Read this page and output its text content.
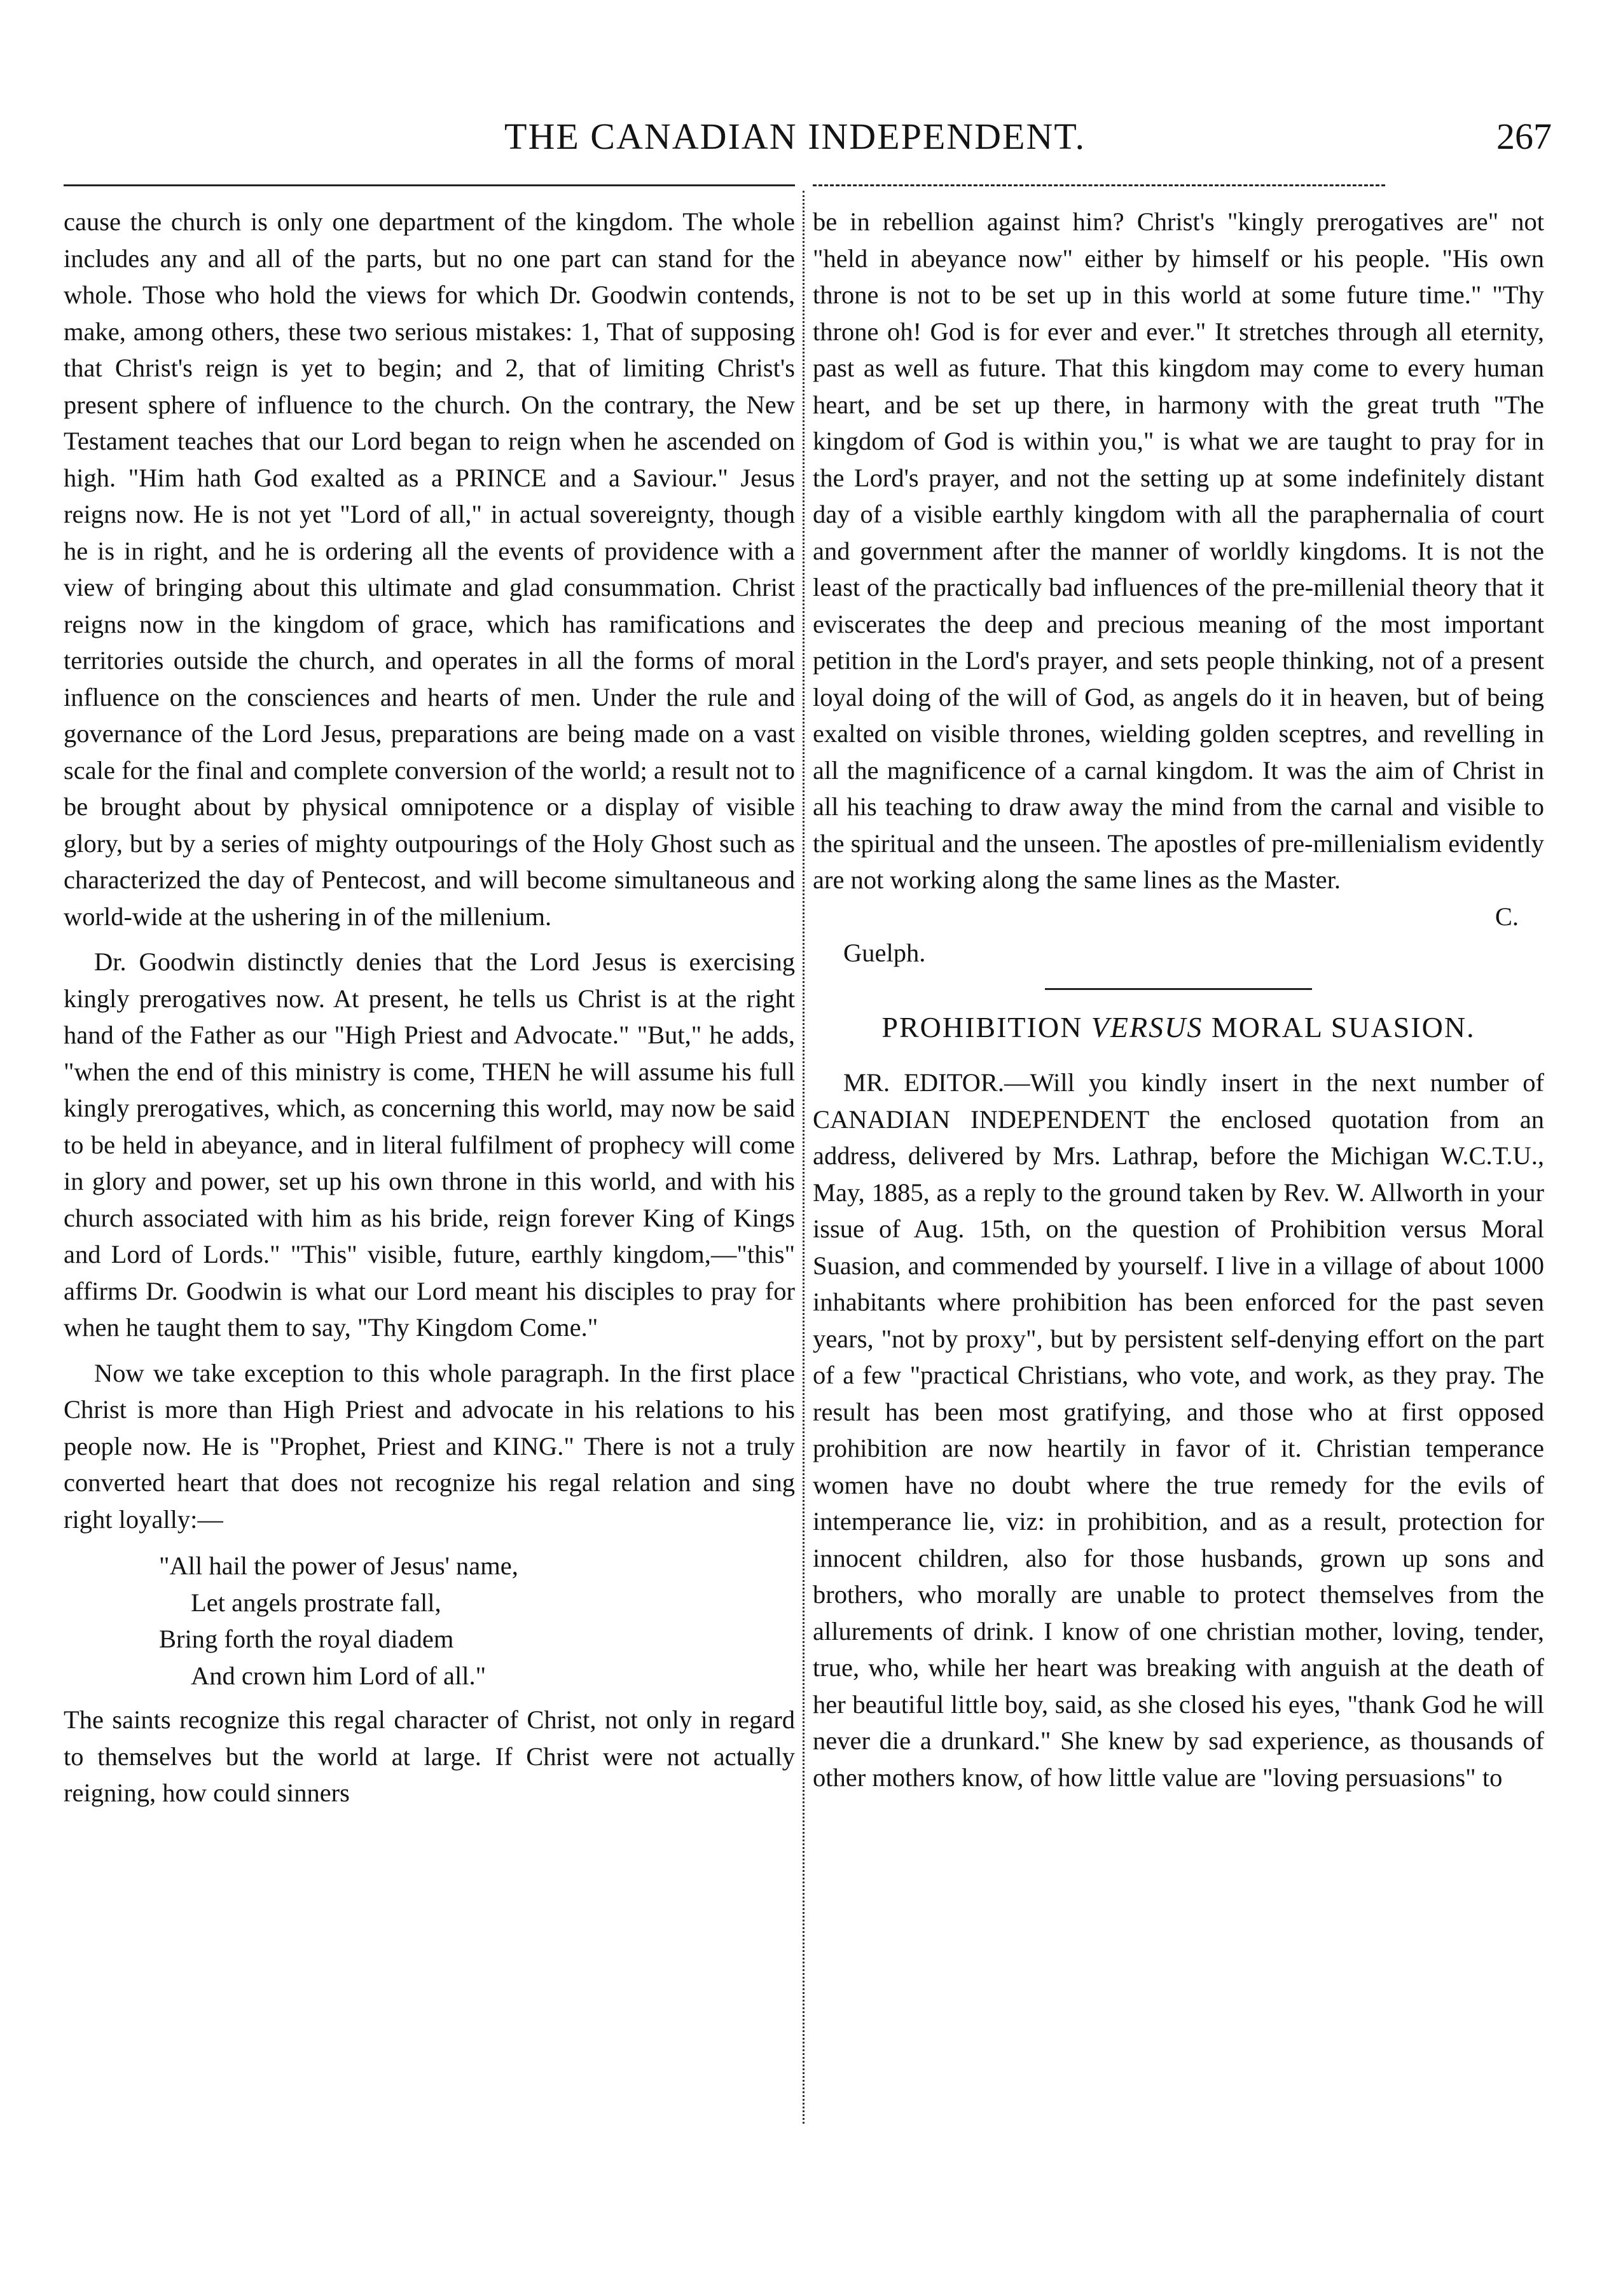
THE CANADIAN INDEPENDENT.	267

cause the church is only one department of the kingdom. The whole includes any and all of the parts, but no one part can stand for the whole. Those who hold the views for which Dr. Goodwin contends, make, among others, these two serious mistakes: 1, That of supposing that Christ's reign is yet to begin; and 2, that of limiting Christ's present sphere of influence to the church. On the contrary, the New Testament teaches that our Lord began to reign when he ascended on high. "Him hath God exalted as a PRINCE and a Saviour." Jesus reigns now. He is not yet "Lord of all," in actual sovereignty, though he is in right, and he is ordering all the events of providence with a view of bringing about this ultimate and glad consummation. Christ reigns now in the kingdom of grace, which has ramifications and territories outside the church, and operates in all the forms of moral influence on the consciences and hearts of men. Under the rule and governance of the Lord Jesus, preparations are being made on a vast scale for the final and complete conversion of the world; a result not to be brought about by physical omnipotence or a display of visible glory, but by a series of mighty outpourings of the Holy Ghost such as characterized the day of Pentecost, and will become simultaneous and world-wide at the ushering in of the millenium.

Dr. Goodwin distinctly denies that the Lord Jesus is exercising kingly prerogatives now. At present, he tells us Christ is at the right hand of the Father as our "High Priest and Advocate." "But," he adds, "when the end of this ministry is come, THEN he will assume his full kingly prerogatives, which, as concerning this world, may now be said to be held in abeyance, and in literal fulfilment of prophecy will come in glory and power, set up his own throne in this world, and with his church associated with him as his bride, reign forever King of Kings and Lord of Lords." "This" visible, future, earthly kingdom,—"this" affirms Dr. Goodwin is what our Lord meant his disciples to pray for when he taught them to say, "Thy Kingdom Come."

Now we take exception to this whole paragraph. In the first place Christ is more than High Priest and advocate in his relations to his people now. He is "Prophet, Priest and KING." There is not a truly converted heart that does not recognize his regal relation and sing right loyally:—

"All hail the power of Jesus' name,
Let angels prostrate fall,
Bring forth the royal diadem
And crown him Lord of all."

The saints recognize this regal character of Christ, not only in regard to themselves but the world at large. If Christ were not actually reigning, how could sinners

be in rebellion against him? Christ's "kingly prerogatives are" not "held in abeyance now" either by himself or his people. "His own throne is not to be set up in this world at some future time." "Thy throne oh! God is for ever and ever." It stretches through all eternity, past as well as future. That this kingdom may come to every human heart, and be set up there, in harmony with the great truth "The kingdom of God is within you," is what we are taught to pray for in the Lord's prayer, and not the setting up at some indefinitely distant day of a visible earthly kingdom with all the paraphernalia of court and government after the manner of worldly kingdoms. It is not the least of the practically bad influences of the pre-millenial theory that it eviscerates the deep and precious meaning of the most important petition in the Lord's prayer, and sets people thinking, not of a present loyal doing of the will of God, as angels do it in heaven, but of being exalted on visible thrones, wielding golden sceptres, and revelling in all the magnificence of a carnal kingdom. It was the aim of Christ in all his teaching to draw away the mind from the carnal and visible to the spiritual and the unseen. The apostles of pre-millenialism evidently are not working along the same lines as the Master.

C.
Guelph.
PROHIBITION VERSUS MORAL SUASION.

MR. EDITOR.—Will you kindly insert in the next number of CANADIAN INDEPENDENT the enclosed quotation from an address, delivered by Mrs. Lathrap, before the Michigan W.C.T.U., May, 1885, as a reply to the ground taken by Rev. W. Allworth in your issue of Aug. 15th, on the question of Prohibition versus Moral Suasion, and commended by yourself. I live in a village of about 1000 inhabitants where prohibition has been enforced for the past seven years, "not by proxy", but by persistent self-denying effort on the part of a few "practical Christians, who vote, and work, as they pray. The result has been most gratifying, and those who at first opposed prohibition are now heartily in favor of it. Christian temperance women have no doubt where the true remedy for the evils of intemperance lie, viz: in prohibition, and as a result, protection for innocent children, also for those husbands, grown up sons and brothers, who morally are unable to protect themselves from the allurements of drink. I know of one christian mother, loving, tender, true, who, while her heart was breaking with anguish at the death of her beautiful little boy, said, as she closed his eyes, "thank God he will never die a drunkard." She knew by sad experience, as thousands of other mothers know, of how little value are "loving persuasions" to
